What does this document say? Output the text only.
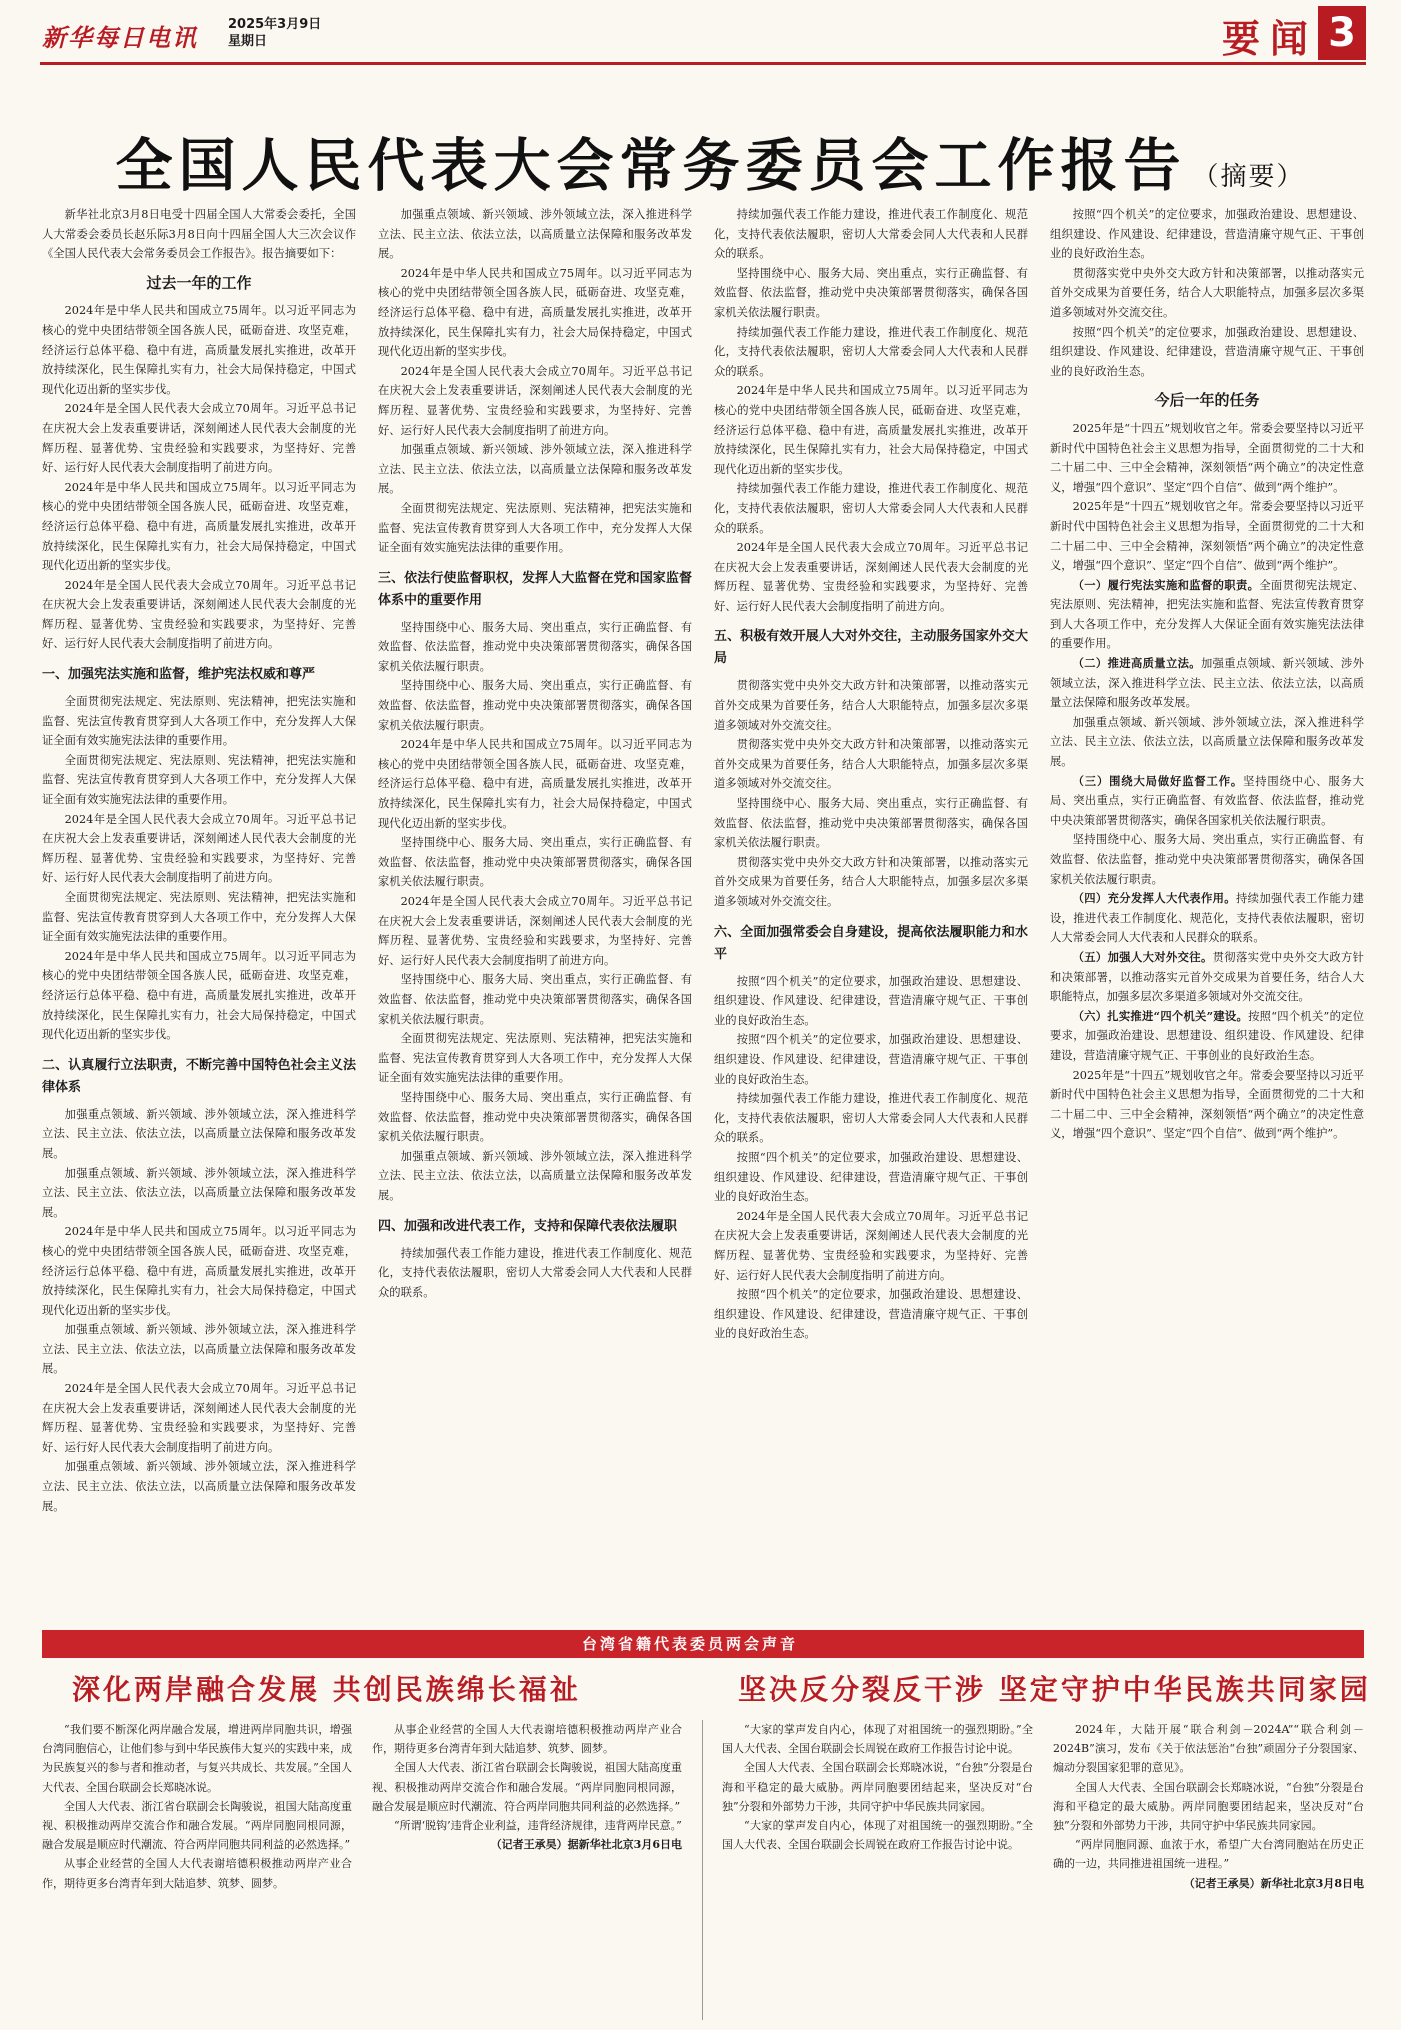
新华每日电讯 2025年3月9日
星期日	要闻 3
全国人民代表大会常务委员会工作报告 （摘要）

新华社北京3月8日电受十四届全国人大常委会委托，全国人大常委会委员长赵乐际3月8日向十四届全国人大三次会议作《全国人民代表大会常务委员会工作报告》。报告摘要如下：

过去一年的工作

2024年是中华人民共和国成立75周年。以习近平同志为核心的党中央团结带领全国各族人民，砥砺奋进、攻坚克难，经济运行总体平稳、稳中有进，高质量发展扎实推进，改革开放持续深化，民生保障扎实有力，社会大局保持稳定，中国式现代化迈出新的坚实步伐。

2024年是全国人民代表大会成立70周年。习近平总书记在庆祝大会上发表重要讲话，深刻阐述人民代表大会制度的光辉历程、显著优势、宝贵经验和实践要求，为坚持好、完善好、运行好人民代表大会制度指明了前进方向。

2024年是中华人民共和国成立75周年。以习近平同志为核心的党中央团结带领全国各族人民，砥砺奋进、攻坚克难，经济运行总体平稳、稳中有进，高质量发展扎实推进，改革开放持续深化，民生保障扎实有力，社会大局保持稳定，中国式现代化迈出新的坚实步伐。

2024年是全国人民代表大会成立70周年。习近平总书记在庆祝大会上发表重要讲话，深刻阐述人民代表大会制度的光辉历程、显著优势、宝贵经验和实践要求，为坚持好、完善好、运行好人民代表大会制度指明了前进方向。

一、加强宪法实施和监督，维护宪法权威和尊严

全面贯彻宪法规定、宪法原则、宪法精神，把宪法实施和监督、宪法宣传教育贯穿到人大各项工作中，充分发挥人大保证全面有效实施宪法法律的重要作用。

全面贯彻宪法规定、宪法原则、宪法精神，把宪法实施和监督、宪法宣传教育贯穿到人大各项工作中，充分发挥人大保证全面有效实施宪法法律的重要作用。

2024年是全国人民代表大会成立70周年。习近平总书记在庆祝大会上发表重要讲话，深刻阐述人民代表大会制度的光辉历程、显著优势、宝贵经验和实践要求，为坚持好、完善好、运行好人民代表大会制度指明了前进方向。

全面贯彻宪法规定、宪法原则、宪法精神，把宪法实施和监督、宪法宣传教育贯穿到人大各项工作中，充分发挥人大保证全面有效实施宪法法律的重要作用。

2024年是中华人民共和国成立75周年。以习近平同志为核心的党中央团结带领全国各族人民，砥砺奋进、攻坚克难，经济运行总体平稳、稳中有进，高质量发展扎实推进，改革开放持续深化，民生保障扎实有力，社会大局保持稳定，中国式现代化迈出新的坚实步伐。

二、认真履行立法职责，不断完善中国特色社会主义法律体系

加强重点领域、新兴领域、涉外领域立法，深入推进科学立法、民主立法、依法立法，以高质量立法保障和服务改革发展。

加强重点领域、新兴领域、涉外领域立法，深入推进科学立法、民主立法、依法立法，以高质量立法保障和服务改革发展。

2024年是中华人民共和国成立75周年。以习近平同志为核心的党中央团结带领全国各族人民，砥砺奋进、攻坚克难，经济运行总体平稳、稳中有进，高质量发展扎实推进，改革开放持续深化，民生保障扎实有力，社会大局保持稳定，中国式现代化迈出新的坚实步伐。

加强重点领域、新兴领域、涉外领域立法，深入推进科学立法、民主立法、依法立法，以高质量立法保障和服务改革发展。

2024年是全国人民代表大会成立70周年。习近平总书记在庆祝大会上发表重要讲话，深刻阐述人民代表大会制度的光辉历程、显著优势、宝贵经验和实践要求，为坚持好、完善好、运行好人民代表大会制度指明了前进方向。

加强重点领域、新兴领域、涉外领域立法，深入推进科学立法、民主立法、依法立法，以高质量立法保障和服务改革发展。

加强重点领域、新兴领域、涉外领域立法，深入推进科学立法、民主立法、依法立法，以高质量立法保障和服务改革发展。

2024年是中华人民共和国成立75周年。以习近平同志为核心的党中央团结带领全国各族人民，砥砺奋进、攻坚克难，经济运行总体平稳、稳中有进，高质量发展扎实推进，改革开放持续深化，民生保障扎实有力，社会大局保持稳定，中国式现代化迈出新的坚实步伐。

2024年是全国人民代表大会成立70周年。习近平总书记在庆祝大会上发表重要讲话，深刻阐述人民代表大会制度的光辉历程、显著优势、宝贵经验和实践要求，为坚持好、完善好、运行好人民代表大会制度指明了前进方向。

加强重点领域、新兴领域、涉外领域立法，深入推进科学立法、民主立法、依法立法，以高质量立法保障和服务改革发展。

全面贯彻宪法规定、宪法原则、宪法精神，把宪法实施和监督、宪法宣传教育贯穿到人大各项工作中，充分发挥人大保证全面有效实施宪法法律的重要作用。

三、依法行使监督职权，发挥人大监督在党和国家监督体系中的重要作用

坚持围绕中心、服务大局、突出重点，实行正确监督、有效监督、依法监督，推动党中央决策部署贯彻落实，确保各国家机关依法履行职责。

坚持围绕中心、服务大局、突出重点，实行正确监督、有效监督、依法监督，推动党中央决策部署贯彻落实，确保各国家机关依法履行职责。

2024年是中华人民共和国成立75周年。以习近平同志为核心的党中央团结带领全国各族人民，砥砺奋进、攻坚克难，经济运行总体平稳、稳中有进，高质量发展扎实推进，改革开放持续深化，民生保障扎实有力，社会大局保持稳定，中国式现代化迈出新的坚实步伐。

坚持围绕中心、服务大局、突出重点，实行正确监督、有效监督、依法监督，推动党中央决策部署贯彻落实，确保各国家机关依法履行职责。

2024年是全国人民代表大会成立70周年。习近平总书记在庆祝大会上发表重要讲话，深刻阐述人民代表大会制度的光辉历程、显著优势、宝贵经验和实践要求，为坚持好、完善好、运行好人民代表大会制度指明了前进方向。

坚持围绕中心、服务大局、突出重点，实行正确监督、有效监督、依法监督，推动党中央决策部署贯彻落实，确保各国家机关依法履行职责。

全面贯彻宪法规定、宪法原则、宪法精神，把宪法实施和监督、宪法宣传教育贯穿到人大各项工作中，充分发挥人大保证全面有效实施宪法法律的重要作用。

坚持围绕中心、服务大局、突出重点，实行正确监督、有效监督、依法监督，推动党中央决策部署贯彻落实，确保各国家机关依法履行职责。

加强重点领域、新兴领域、涉外领域立法，深入推进科学立法、民主立法、依法立法，以高质量立法保障和服务改革发展。

四、加强和改进代表工作，支持和保障代表依法履职

持续加强代表工作能力建设，推进代表工作制度化、规范化，支持代表依法履职，密切人大常委会同人大代表和人民群众的联系。

持续加强代表工作能力建设，推进代表工作制度化、规范化，支持代表依法履职，密切人大常委会同人大代表和人民群众的联系。

坚持围绕中心、服务大局、突出重点，实行正确监督、有效监督、依法监督，推动党中央决策部署贯彻落实，确保各国家机关依法履行职责。

持续加强代表工作能力建设，推进代表工作制度化、规范化，支持代表依法履职，密切人大常委会同人大代表和人民群众的联系。

2024年是中华人民共和国成立75周年。以习近平同志为核心的党中央团结带领全国各族人民，砥砺奋进、攻坚克难，经济运行总体平稳、稳中有进，高质量发展扎实推进，改革开放持续深化，民生保障扎实有力，社会大局保持稳定，中国式现代化迈出新的坚实步伐。

持续加强代表工作能力建设，推进代表工作制度化、规范化，支持代表依法履职，密切人大常委会同人大代表和人民群众的联系。

2024年是全国人民代表大会成立70周年。习近平总书记在庆祝大会上发表重要讲话，深刻阐述人民代表大会制度的光辉历程、显著优势、宝贵经验和实践要求，为坚持好、完善好、运行好人民代表大会制度指明了前进方向。

五、积极有效开展人大对外交往，主动服务国家外交大局

贯彻落实党中央外交大政方针和决策部署，以推动落实元首外交成果为首要任务，结合人大职能特点，加强多层次多渠道多领域对外交流交往。

贯彻落实党中央外交大政方针和决策部署，以推动落实元首外交成果为首要任务，结合人大职能特点，加强多层次多渠道多领域对外交流交往。

坚持围绕中心、服务大局、突出重点，实行正确监督、有效监督、依法监督，推动党中央决策部署贯彻落实，确保各国家机关依法履行职责。

贯彻落实党中央外交大政方针和决策部署，以推动落实元首外交成果为首要任务，结合人大职能特点，加强多层次多渠道多领域对外交流交往。

六、全面加强常委会自身建设，提高依法履职能力和水平

按照“四个机关”的定位要求，加强政治建设、思想建设、组织建设、作风建设、纪律建设，营造清廉守规气正、干事创业的良好政治生态。

按照“四个机关”的定位要求，加强政治建设、思想建设、组织建设、作风建设、纪律建设，营造清廉守规气正、干事创业的良好政治生态。

持续加强代表工作能力建设，推进代表工作制度化、规范化，支持代表依法履职，密切人大常委会同人大代表和人民群众的联系。

按照“四个机关”的定位要求，加强政治建设、思想建设、组织建设、作风建设、纪律建设，营造清廉守规气正、干事创业的良好政治生态。

2024年是全国人民代表大会成立70周年。习近平总书记在庆祝大会上发表重要讲话，深刻阐述人民代表大会制度的光辉历程、显著优势、宝贵经验和实践要求，为坚持好、完善好、运行好人民代表大会制度指明了前进方向。

按照“四个机关”的定位要求，加强政治建设、思想建设、组织建设、作风建设、纪律建设，营造清廉守规气正、干事创业的良好政治生态。

按照“四个机关”的定位要求，加强政治建设、思想建设、组织建设、作风建设、纪律建设，营造清廉守规气正、干事创业的良好政治生态。

贯彻落实党中央外交大政方针和决策部署，以推动落实元首外交成果为首要任务，结合人大职能特点，加强多层次多渠道多领域对外交流交往。

按照“四个机关”的定位要求，加强政治建设、思想建设、组织建设、作风建设、纪律建设，营造清廉守规气正、干事创业的良好政治生态。

今后一年的任务

2025年是“十四五”规划收官之年。常委会要坚持以习近平新时代中国特色社会主义思想为指导，全面贯彻党的二十大和二十届二中、三中全会精神，深刻领悟“两个确立”的决定性意义，增强“四个意识”、坚定“四个自信”、做到“两个维护”。

2025年是“十四五”规划收官之年。常委会要坚持以习近平新时代中国特色社会主义思想为指导，全面贯彻党的二十大和二十届二中、三中全会精神，深刻领悟“两个确立”的决定性意义，增强“四个意识”、坚定“四个自信”、做到“两个维护”。

（一）履行宪法实施和监督的职责。全面贯彻宪法规定、宪法原则、宪法精神，把宪法实施和监督、宪法宣传教育贯穿到人大各项工作中，充分发挥人大保证全面有效实施宪法法律的重要作用。

（二）推进高质量立法。加强重点领域、新兴领域、涉外领域立法，深入推进科学立法、民主立法、依法立法，以高质量立法保障和服务改革发展。

加强重点领域、新兴领域、涉外领域立法，深入推进科学立法、民主立法、依法立法，以高质量立法保障和服务改革发展。

（三）围绕大局做好监督工作。坚持围绕中心、服务大局、突出重点，实行正确监督、有效监督、依法监督，推动党中央决策部署贯彻落实，确保各国家机关依法履行职责。

坚持围绕中心、服务大局、突出重点，实行正确监督、有效监督、依法监督，推动党中央决策部署贯彻落实，确保各国家机关依法履行职责。

（四）充分发挥人大代表作用。持续加强代表工作能力建设，推进代表工作制度化、规范化，支持代表依法履职，密切人大常委会同人大代表和人民群众的联系。

（五）加强人大对外交往。贯彻落实党中央外交大政方针和决策部署，以推动落实元首外交成果为首要任务，结合人大职能特点，加强多层次多渠道多领域对外交流交往。

（六）扎实推进“四个机关”建设。按照“四个机关”的定位要求，加强政治建设、思想建设、组织建设、作风建设、纪律建设，营造清廉守规气正、干事创业的良好政治生态。

2025年是“十四五”规划收官之年。常委会要坚持以习近平新时代中国特色社会主义思想为指导，全面贯彻党的二十大和二十届二中、三中全会精神，深刻领悟“两个确立”的决定性意义，增强“四个意识”、坚定“四个自信”、做到“两个维护”。

台湾省籍代表委员两会声音
深化两岸融合发展 共创民族绵长福祉	坚决反分裂反干涉 坚定守护中华民族共同家园

“我们要不断深化两岸融合发展，增进两岸同胞共识，增强台湾同胞信心，让他们参与到中华民族伟大复兴的实践中来，成为民族复兴的参与者和推动者，与复兴共成长、共发展。”全国人大代表、全国台联副会长郑晓冰说。

全国人大代表、浙江省台联副会长陶骏说，祖国大陆高度重视、积极推动两岸交流合作和融合发展。“两岸同胞同根同源，融合发展是顺应时代潮流、符合两岸同胞共同利益的必然选择。”

从事企业经营的全国人大代表谢培德积极推动两岸产业合作，期待更多台湾青年到大陆追梦、筑梦、圆梦。

从事企业经营的全国人大代表谢培德积极推动两岸产业合作，期待更多台湾青年到大陆追梦、筑梦、圆梦。

全国人大代表、浙江省台联副会长陶骏说，祖国大陆高度重视、积极推动两岸交流合作和融合发展。“两岸同胞同根同源，融合发展是顺应时代潮流、符合两岸同胞共同利益的必然选择。”

“所谓‘脱钩’违背企业利益，违背经济规律，违背两岸民意。”

（记者王承昊）据新华社北京3月6日电

“大家的掌声发自内心，体现了对祖国统一的强烈期盼。”全国人大代表、全国台联副会长周锐在政府工作报告讨论中说。

全国人大代表、全国台联副会长郑晓冰说，“台独”分裂是台海和平稳定的最大威胁。两岸同胞要团结起来，坚决反对“台独”分裂和外部势力干涉，共同守护中华民族共同家园。

“大家的掌声发自内心，体现了对祖国统一的强烈期盼。”全国人大代表、全国台联副会长周锐在政府工作报告讨论中说。

2024年，大陆开展“联合利剑－2024A”“联合利剑－2024B”演习，发布《关于依法惩治“台独”顽固分子分裂国家、煽动分裂国家犯罪的意见》。

全国人大代表、全国台联副会长郑晓冰说，“台独”分裂是台海和平稳定的最大威胁。两岸同胞要团结起来，坚决反对“台独”分裂和外部势力干涉，共同守护中华民族共同家园。

“两岸同胞同源、血浓于水，希望广大台湾同胞站在历史正确的一边，共同推进祖国统一进程。”

（记者王承昊）新华社北京3月8日电
